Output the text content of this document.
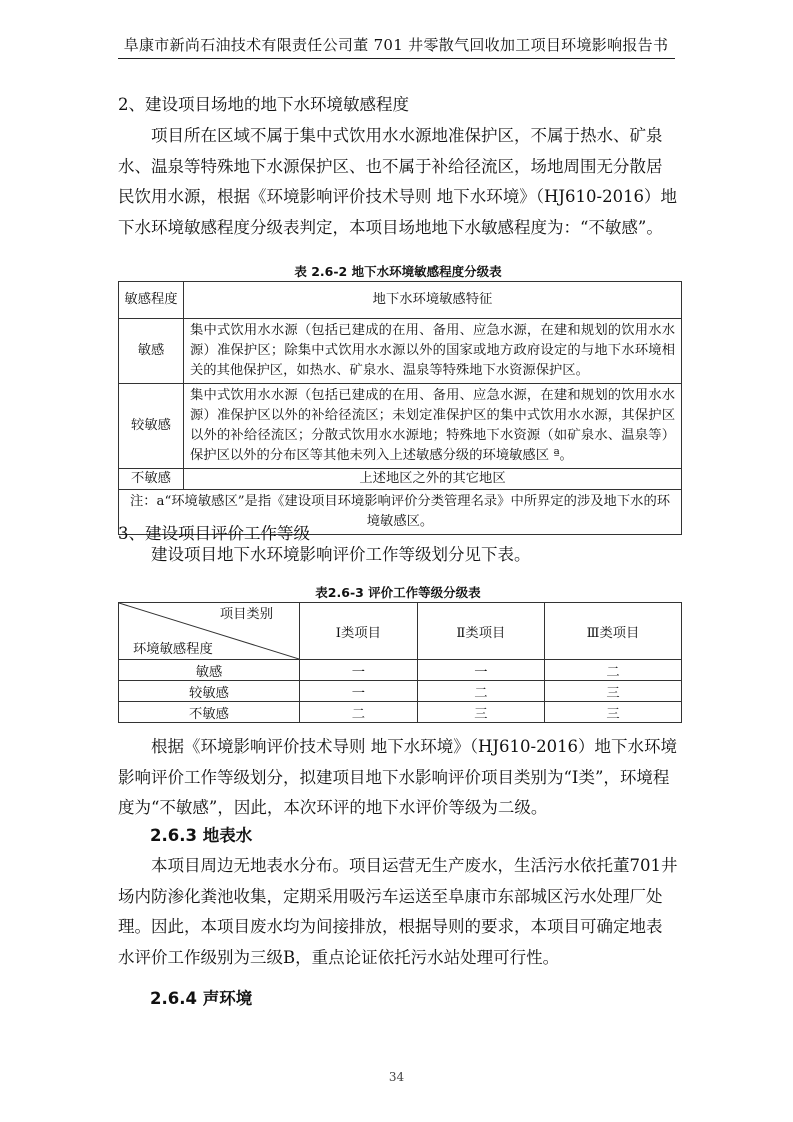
阜康市新尚石油技术有限责任公司董 701 井零散气回收加工项目环境影响报告书

2、建设项目场地的地下水环境敏感程度

项目所在区域不属于集中式饮用水水源地准保护区，不属于热水、矿泉水、温泉等特殊地下水源保护区、也不属于补给径流区，场地周围无分散居民饮用水源，根据《环境影响评价技术导则 地下水环境》（HJ610-2016）地下水环境敏感程度分级表判定，本项目场地地下水敏感程度为：“不敏感”。

表 2.6-2 地下水环境敏感程度分级表
敏感程度	地下水环境敏感特征
敏感	集中式饮用水水源（包括已建成的在用、备用、应急水源，在建和规划的饮用水水源）准保护区；除集中式饮用水水源以外的国家或地方政府设定的与地下水环境相关的其他保护区，如热水、矿泉水、温泉等特殊地下水资源保护区。
较敏感	集中式饮用水水源（包括已建成的在用、备用、应急水源，在建和规划的饮用水水源）准保护区以外的补给径流区；未划定准保护区的集中式饮用水水源，其保护区以外的补给径流区；分散式饮用水水源地；特殊地下水资源（如矿泉水、温泉等）保护区以外的分布区等其他未列入上述敏感分级的环境敏感区 ª。
不敏感	上述地区之外的其它地区
注：a“环境敏感区”是指《建设项目环境影响评价分类管理名录》中所界定的涉及地下水的环境敏感区。	

3、建设项目评价工作等级

建设项目地下水环境影响评价工作等级划分见下表。

表2.6-3 评价工作等级分级表
项目类别
环境敏感程度	Ⅰ类项目	Ⅱ类项目	Ⅲ类项目
敏感	一	一	二
较敏感	一	二	三
不敏感	二	三	三

根据《环境影响评价技术导则 地下水环境》（HJ610-2016）地下水环境影响评价工作等级划分，拟建项目地下水影响评价项目类别为“Ⅰ类”，环境程度为“不敏感”，因此，本次环评的地下水评价等级为二级。

2.6.3 地表水

本项目周边无地表水分布。项目运营无生产废水，生活污水依托董701井场内防渗化粪池收集，定期采用吸污车运送至阜康市东部城区污水处理厂处理。因此，本项目废水均为间接排放，根据导则的要求，本项目可确定地表水评价工作级别为三级B，重点论证依托污水站处理可行性。

2.6.4 声环境
34
